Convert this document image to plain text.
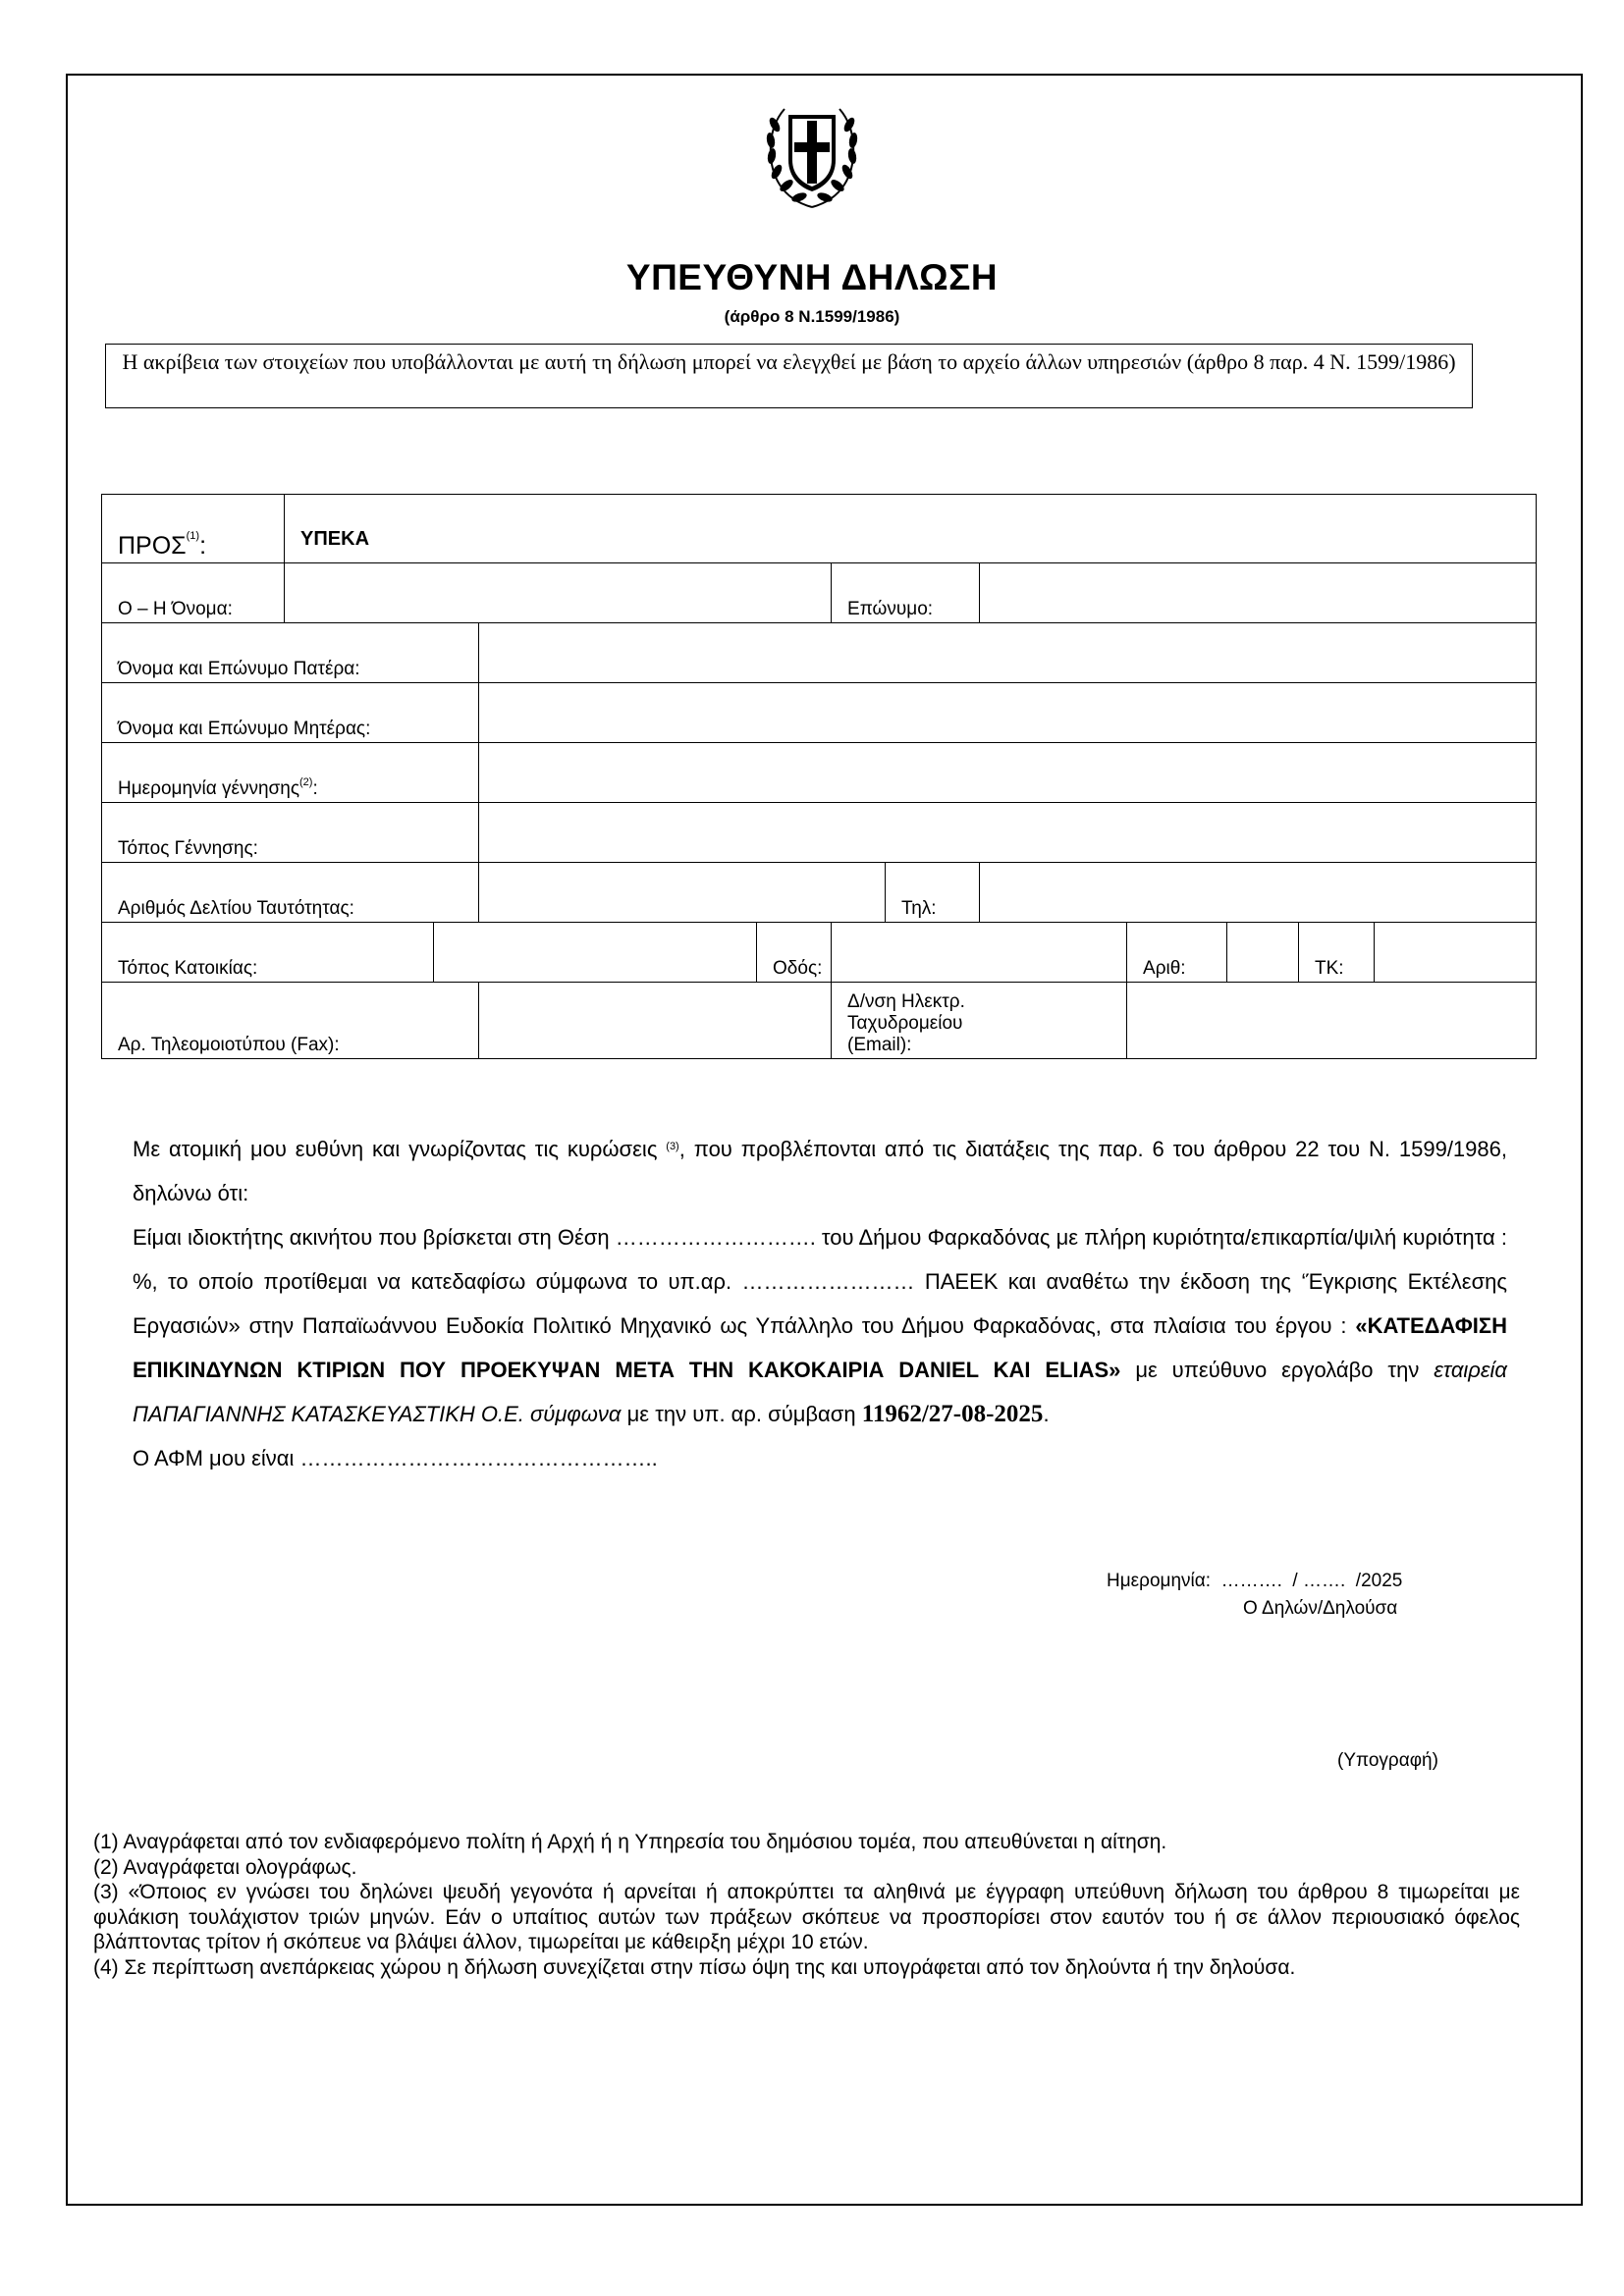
ΥΠΕΥΘΥΝΗ ΔΗΛΩΣΗ
(άρθρο 8 Ν.1599/1986)
Η ακρίβεια των στοιχείων που υποβάλλονται με αυτή τη δήλωση μπορεί να ελεγχθεί με βάση το αρχείο άλλων υπηρεσιών (άρθρο 8 παρ. 4 Ν. 1599/1986)
ΠΡΟΣ$^{(1)}$:	ΥΠΕΚΑ										
Ο – Η Όνομα:					Επώνυμο:						
Όνομα και Επώνυμο Πατέρα:											
Όνομα και Επώνυμο Μητέρας:											
Ημερομηνία γέννησης$^{(2)}$:											
Τόπος Γέννησης:											
Αριθμός Δελτίου Ταυτότητας:						Τηλ:					
Τόπος Κατοικίας:				Οδός:				Αριθ:		ΤΚ:	
Αρ. Τηλεομοιοτύπου (Fax):					Δ/νση Ηλεκτρ.
Ταχυδρομείου
(Email):						

Με ατομική μου ευθύνη και γνωρίζοντας τις κυρώσεις $^{(3)}$, που προβλέπονται από τις διατάξεις της παρ. 6 του άρθρου 22 του Ν. 1599/1986, δηλώνω ότι:

Είμαι ιδιοκτήτης ακινήτου που βρίσκεται στη Θέση ………………………. του Δήμου Φαρκαδόνας με πλήρη κυριότητα/επικαρπία/ψιλή κυριότητα : %, το οποίο προτίθεμαι να κατεδαφίσω σύμφωνα το υπ.αρ. …………………… ΠΑΕΕΚ και αναθέτω την έκδοση της ‘Έγκρισης Εκτέλεσης Εργασιών» στην Παπαϊωάννου Ευδοκία Πολιτικό Μηχανικό ως Υπάλληλο του Δήμου Φαρκαδόνας, στα πλαίσια του έργου : «ΚΑΤΕΔΑΦΙΣΗ ΕΠΙΚΙΝΔΥΝΩΝ ΚΤΙΡΙΩΝ ΠΟΥ ΠΡΟΕΚΥΨΑΝ ΜΕΤΑ ΤΗΝ ΚΑΚΟΚΑΙΡΙΑ DANIEL ΚΑΙ ELIAS» με υπεύθυνο εργολάβο την εταιρεία ΠΑΠΑΓΙΑΝΝΗΣ ΚΑΤΑΣΚΕΥΑΣΤΙΚΗ Ο.Ε. σύμφωνα με την υπ. αρ. σύμβαση 11962/27-08-2025.

Ο ΑΦΜ μου είναι …………………………………………..

Ημερομηνία:  ……….  / …….  /2025
Ο Δηλών/Δηλούσα
(Υπογραφή)

(1) Αναγράφεται από τον ενδιαφερόμενο πολίτη ή Αρχή ή η Υπηρεσία του δημόσιου τομέα, που απευθύνεται η αίτηση.

(2) Αναγράφεται ολογράφως.

(3) «Όποιος εν γνώσει του δηλώνει ψευδή γεγονότα ή αρνείται ή αποκρύπτει τα αληθινά με έγγραφη υπεύθυνη δήλωση του άρθρου 8 τιμωρείται με φυλάκιση τουλάχιστον τριών μηνών. Εάν ο υπαίτιος αυτών των πράξεων σκόπευε να προσπορίσει στον εαυτόν του ή σε άλλον περιουσιακό όφελος βλάπτοντας τρίτον ή σκόπευε να βλάψει άλλον, τιμωρείται με κάθειρξη μέχρι 10 ετών.

(4) Σε περίπτωση ανεπάρκειας χώρου η δήλωση συνεχίζεται στην πίσω όψη της και υπογράφεται από τον δηλούντα ή την δηλούσα.
